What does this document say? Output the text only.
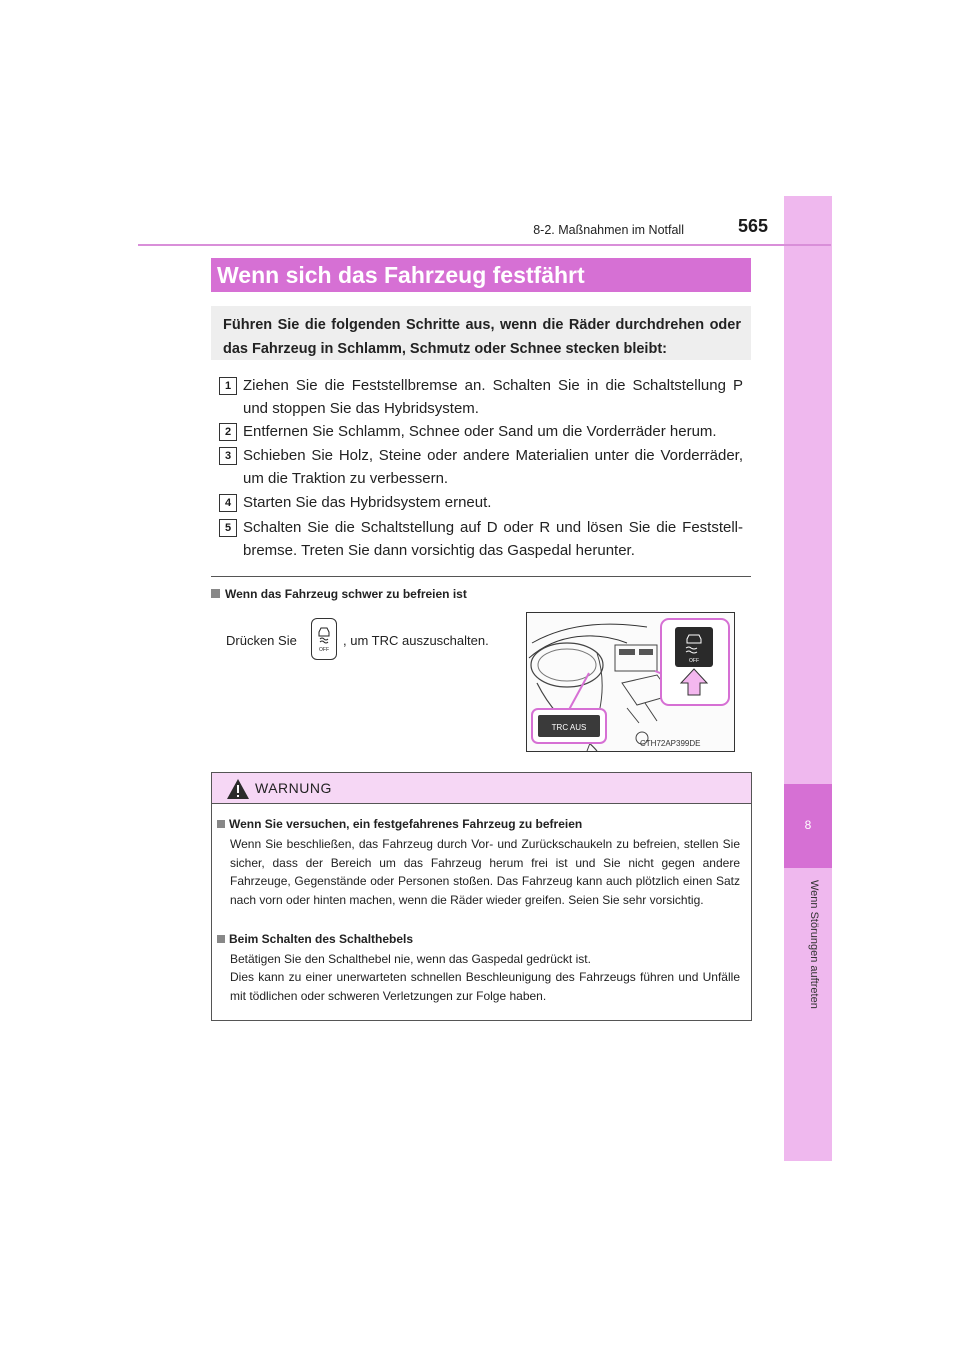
8
Wenn Störungen auftreten
8-2. Maßnahmen im Notfall	565
Wenn sich das Fahrzeug festfährt
Führen Sie die folgenden Schritte aus, wenn die Räder durchdrehen oder das Fahrzeug in Schlamm, Schmutz oder Schnee stecken bleibt:
1 Ziehen Sie die Feststellbremse an. Schalten Sie in die Schaltstellung P und stoppen Sie das Hybridsystem.
2 Entfernen Sie Schlamm, Schnee oder Sand um die Vorderräder herum.
3 Schieben Sie Holz, Steine oder andere Materialien unter die Vorderräder, um die Traktion zu verbessern.
4 Starten Sie das Hybridsystem erneut.
5 Schalten Sie die Schaltstellung auf D oder R und lösen Sie die Feststell-bremse. Treten Sie dann vorsichtig das Gaspedal herunter.
Wenn das Fahrzeug schwer zu befreien ist
Drücken Sie
OFF
, um TRC auszuschalten.
OFF
TRC AUS
CTH72AP399DE
WARNUNG
Wenn Sie versuchen, ein festgefahrenes Fahrzeug zu befreien
Wenn Sie beschließen, das Fahrzeug durch Vor- und Zurückschaukeln zu befreien, stellen Sie sicher, dass der Bereich um das Fahrzeug herum frei ist und Sie nicht gegen andere Fahrzeuge, Gegenstände oder Personen stoßen. Das Fahrzeug kann auch plötzlich einen Satz nach vorn oder hinten machen, wenn die Räder wieder greifen. Seien Sie sehr vorsichtig.
Beim Schalten des Schalthebels
Betätigen Sie den Schalthebel nie, wenn das Gaspedal gedrückt ist.
Dies kann zu einer unerwarteten schnellen Beschleunigung des Fahrzeugs führen und Unfälle mit tödlichen oder schweren Verletzungen zur Folge haben.
